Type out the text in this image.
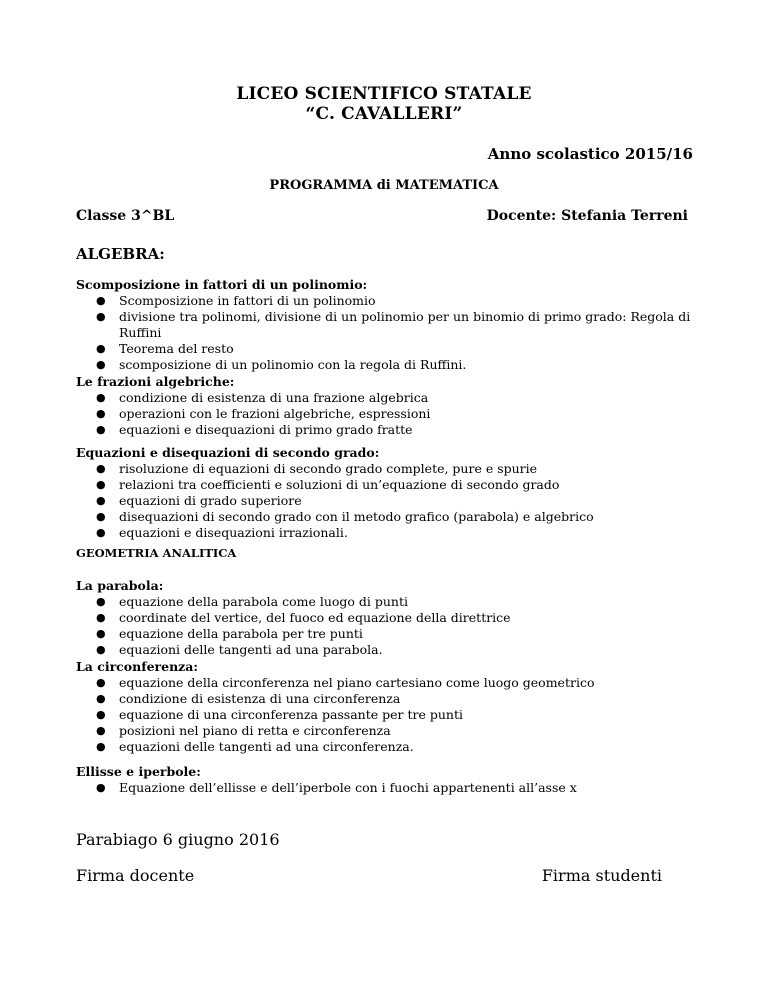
LICEO SCIENTIFICO STATALE
“C. CAVALLERI”
Anno scolastico 2015/16
PROGRAMMA di MATEMATICA
Classe 3^BL	Docente: Stefania Terreni
ALGEBRA:
Scomposizione in fattori di un polinomio:
● Scomposizione in fattori di un polinomio
● divisione tra polinomi, divisione di un polinomio per un binomio di primo grado: Regola di Ruffini
● Teorema del resto
● scomposizione di un polinomio con la regola di Ruffini.
Le frazioni algebriche:
● condizione di esistenza di una frazione algebrica
● operazioni con le frazioni algebriche, espressioni
● equazioni e disequazioni di primo grado fratte
Equazioni e disequazioni di secondo grado:
● risoluzione di equazioni di secondo grado complete, pure e spurie
● relazioni tra coefficienti e soluzioni di un’equazione di secondo grado
● equazioni di grado superiore
● disequazioni di secondo grado con il metodo grafico (parabola) e algebrico
● equazioni e disequazioni irrazionali.
GEOMETRIA ANALITICA
La parabola:
● equazione della parabola come luogo di punti
● coordinate del vertice, del fuoco ed equazione della direttrice
● equazione della parabola per tre punti
● equazioni delle tangenti ad una parabola.
La circonferenza:
● equazione della circonferenza nel piano cartesiano come luogo geometrico
● condizione di esistenza di una circonferenza
● equazione di una circonferenza passante per tre punti
● posizioni nel piano di retta e circonferenza
● equazioni delle tangenti ad una circonferenza.
Ellisse e iperbole:
● Equazione dell’ellisse e dell’iperbole con i fuochi appartenenti all’asse x
Parabiago 6 giugno 2016
Firma docente	Firma studenti
